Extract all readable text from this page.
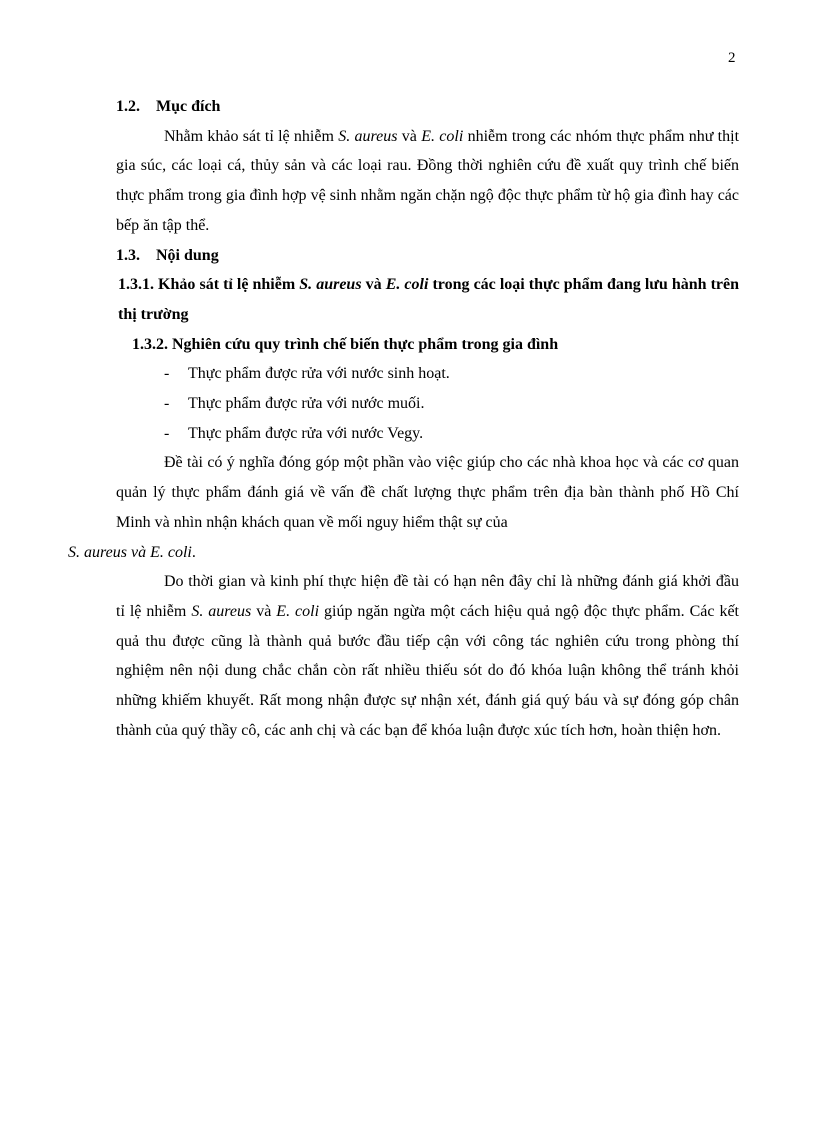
2

1.2. Mục đích

Nhằm khảo sát tỉ lệ nhiễm S. aureus và E. coli nhiễm trong các nhóm thực phẩm như thịt gia súc, các loại cá, thủy sản và các loại rau. Đồng thời nghiên cứu đề xuất quy trình chế biến thực phẩm trong gia đình hợp vệ sinh nhằm ngăn chặn ngộ độc thực phẩm từ hộ gia đình hay các bếp ăn tập thể.

1.3. Nội dung

1.3.1. Khảo sát tỉ lệ nhiễm S. aureus và E. coli trong các loại thực phẩm đang lưu hành trên thị trường

1.3.2. Nghiên cứu quy trình chế biến thực phẩm trong gia đình

- Thực phẩm được rửa với nước sinh hoạt.
- Thực phẩm được rửa với nước muối.
- Thực phẩm được rửa với nước Vegy.

Đề tài có ý nghĩa đóng góp một phần vào việc giúp cho các nhà khoa học và các cơ quan quản lý thực phẩm đánh giá về vấn đề chất lượng thực phẩm trên địa bàn thành phố Hồ Chí Minh và nhìn nhận khách quan về mối nguy hiểm thật sự của
S. aureus và E. coli.

Do thời gian và kinh phí thực hiện đề tài có hạn nên đây chỉ là những đánh giá khởi đầu tỉ lệ nhiễm S. aureus và E. coli giúp ngăn ngừa một cách hiệu quả ngộ độc thực phẩm. Các kết quả thu được cũng là thành quả bước đầu tiếp cận với công tác nghiên cứu trong phòng thí nghiệm nên nội dung chắc chắn còn rất nhiều thiếu sót do đó khóa luận không thể tránh khỏi những khiếm khuyết. Rất mong nhận được sự nhận xét, đánh giá quý báu và sự đóng góp chân thành của quý thầy cô, các anh chị và các bạn để khóa luận được xúc tích hơn, hoàn thiện hơn.
